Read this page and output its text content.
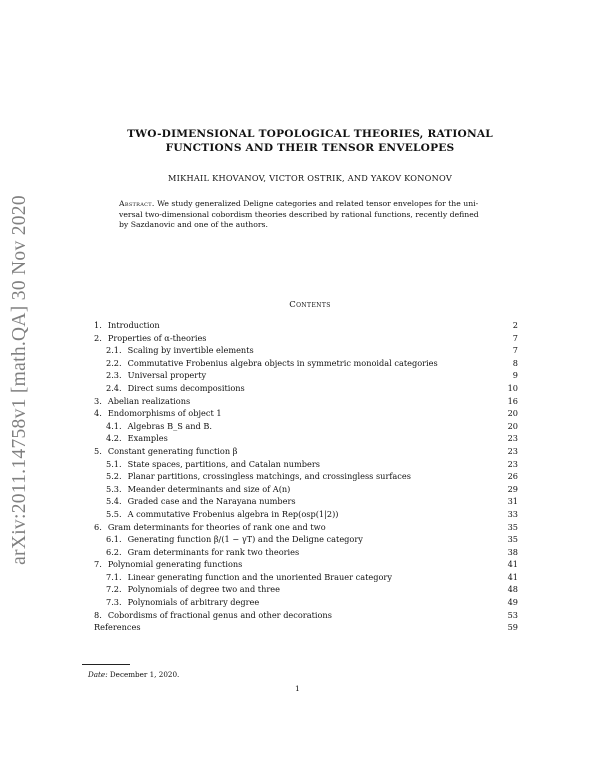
arXiv:2011.14758v1 [math.QA] 30 Nov 2020
TWO-DIMENSIONAL TOPOLOGICAL THEORIES, RATIONAL
FUNCTIONS AND THEIR TENSOR ENVELOPES
MIKHAIL KHOVANOV, VICTOR OSTRIK, AND YAKOV KONONOV
Abstract. We study generalized Deligne categories and related tensor envelopes for the uni-
versal two-dimensional cobordism theories described by rational functions, recently defined
by Sazdanovic and one of the authors.
Contents
1. Introduction	2
2. Properties of α-theories	7
2.1. Scaling by invertible elements	7
2.2. Commutative Frobenius algebra objects in symmetric monoidal categories	8
2.3. Universal property	9
2.4. Direct sums decompositions	10
3. Abelian realizations	16
4. Endomorphisms of object 1	20
4.1. Algebras B_S and B.	20
4.2. Examples	23
5. Constant generating function β	23
5.1. State spaces, partitions, and Catalan numbers	23
5.2. Planar partitions, crossingless matchings, and crossingless surfaces	26
5.3. Meander determinants and size of A(n)	29
5.4. Graded case and the Narayana numbers	31
5.5. A commutative Frobenius algebra in Rep(osp(1|2))	33
6. Gram determinants for theories of rank one and two	35
6.1. Generating function β/(1 − γT) and the Deligne category	35
6.2. Gram determinants for rank two theories	38
7. Polynomial generating functions	41
7.1. Linear generating function and the unoriented Brauer category	41
7.2. Polynomials of degree two and three	48
7.3. Polynomials of arbitrary degree	49
8. Cobordisms of fractional genus and other decorations	53
References	59
Date: December 1, 2020.
1
